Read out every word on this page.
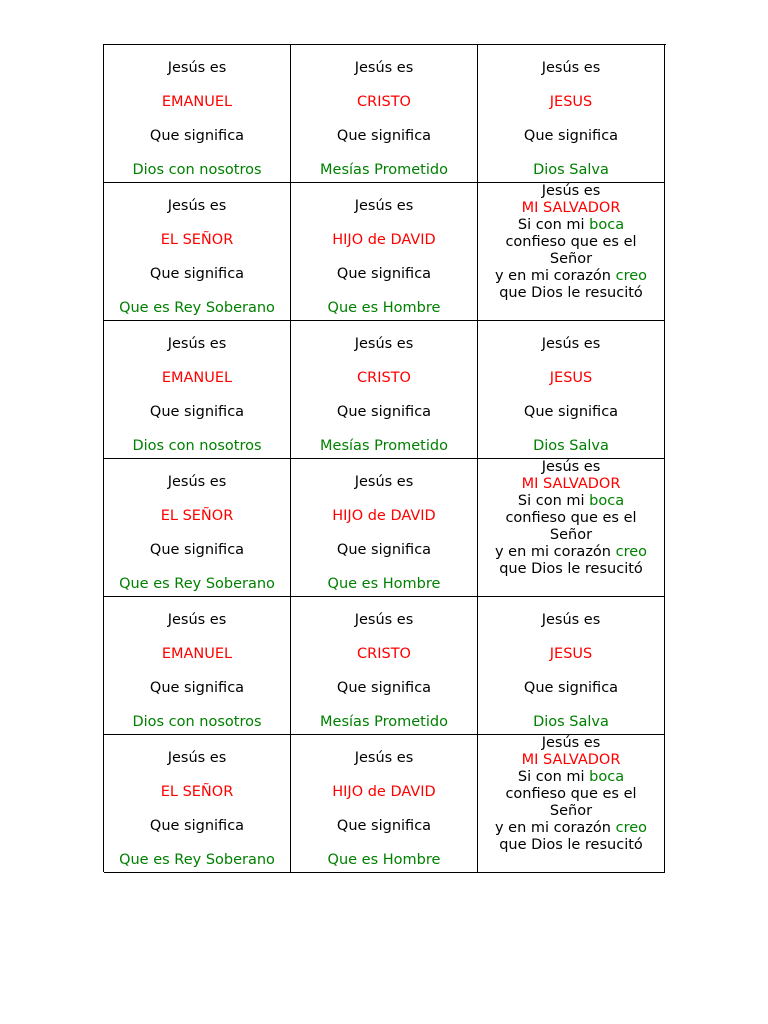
Jesús es
EMANUEL
Que significa
Dios con nosotros
Jesús es
CRISTO
Que significa
Mesías Prometido
Jesús es
JESUS
Que significa
Dios Salva
Jesús es
EL SEÑOR
Que significa
Que es Rey Soberano
Jesús es
HIJO de DAVID
Que significa
Que es Hombre
Jesús es
MI SALVADOR
Si con mi boca
confieso que es el
Señor
y en mi corazón creo
que Dios le resucitó
Jesús es
EMANUEL
Que significa
Dios con nosotros
Jesús es
CRISTO
Que significa
Mesías Prometido
Jesús es
JESUS
Que significa
Dios Salva
Jesús es
EL SEÑOR
Que significa
Que es Rey Soberano
Jesús es
HIJO de DAVID
Que significa
Que es Hombre
Jesús es
MI SALVADOR
Si con mi boca
confieso que es el
Señor
y en mi corazón creo
que Dios le resucitó
Jesús es
EMANUEL
Que significa
Dios con nosotros
Jesús es
CRISTO
Que significa
Mesías Prometido
Jesús es
JESUS
Que significa
Dios Salva
Jesús es
EL SEÑOR
Que significa
Que es Rey Soberano
Jesús es
HIJO de DAVID
Que significa
Que es Hombre
Jesús es
MI SALVADOR
Si con mi boca
confieso que es el
Señor
y en mi corazón creo
que Dios le resucitó
